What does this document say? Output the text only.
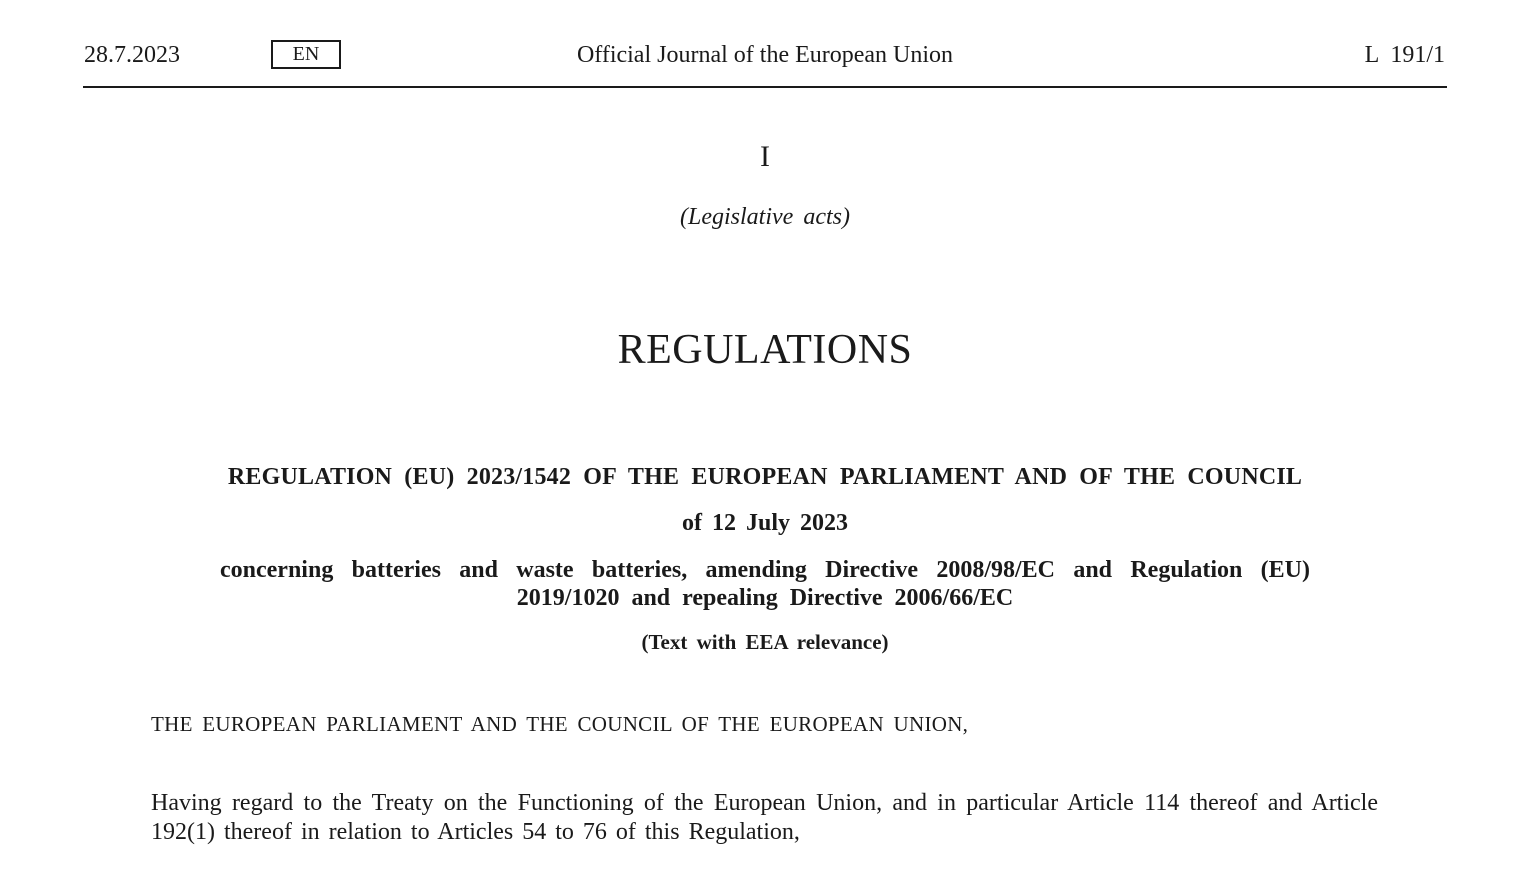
28.7.2023	EN	Official Journal of the European Union	L 191/1
I
(Legislative acts)
REGULATIONS
REGULATION (EU) 2023/1542 OF THE EUROPEAN PARLIAMENT AND OF THE COUNCIL
of 12 July 2023
concerning batteries and waste batteries, amending Directive 2008/98/EC and Regulation (EU) 2019/1020 and repealing Directive 2006/66/EC
(Text with EEA relevance)
THE EUROPEAN PARLIAMENT AND THE COUNCIL OF THE EUROPEAN UNION,
Having regard to the Treaty on the Functioning of the European Union, and in particular Article 114 thereof and Article 192(1) thereof in relation to Articles 54 to 76 of this Regulation,
